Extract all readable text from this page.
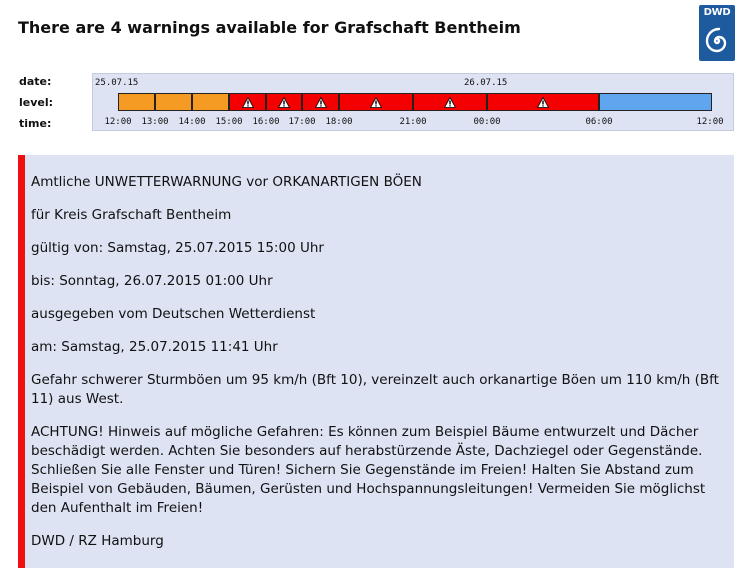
There are 4 warnings available for Grafschaft Bentheim
DWD
date:
level:
time:
25.07.15	26.07.15
12:00 13:00 14:00 15:00 16:00 17:00 18:00	21:00	00:00	06:00	12:00

Amtliche UNWETTERWARNUNG vor ORKANARTIGEN BÖEN

für Kreis Grafschaft Bentheim

gültig von: Samstag, 25.07.2015 15:00 Uhr

bis: Sonntag, 26.07.2015 01:00 Uhr

ausgegeben vom Deutschen Wetterdienst

am: Samstag, 25.07.2015 11:41 Uhr

Gefahr schwerer Sturmböen um 95 km/h (Bft 10), vereinzelt auch orkanartige Böen um 110 km/h (Bft 11) aus West.

ACHTUNG! Hinweis auf mögliche Gefahren: Es können zum Beispiel Bäume entwurzelt und Dächer beschädigt werden. Achten Sie besonders auf herabstürzende Äste, Dachziegel oder Gegenstände. Schließen Sie alle Fenster und Türen! Sichern Sie Gegenstände im Freien! Halten Sie Abstand zum Beispiel von Gebäuden, Bäumen, Gerüsten und Hochspannungsleitungen! Vermeiden Sie möglichst den Aufenthalt im Freien!

DWD / RZ Hamburg
